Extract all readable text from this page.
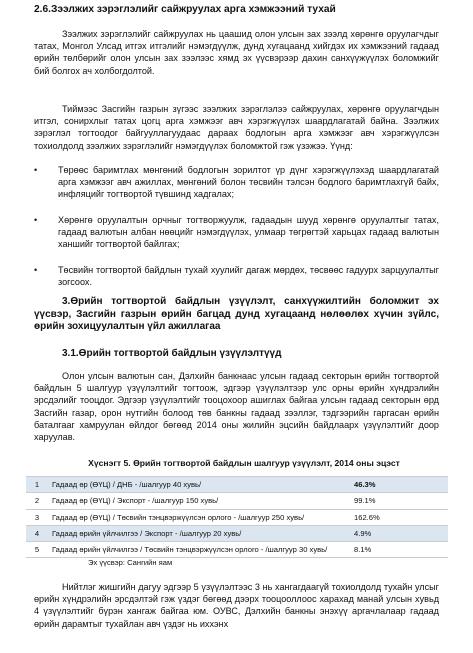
2.6.Зээлжих зэрэглэлийг сайжруулах арга хэмжээний тухай
Зээлжих зэрэглэлийг сайжруулах нь цаашид олон улсын зах зээлд хөрөнгө оруулагчдыг татах, Монгол Улсад итгэх итгэлийг нэмэгдүүлж, дунд хугацаанд хийгдэх их хэмжээний гадаад өрийн төлбөрийг олон улсын зах зээлээс хямд эх үүсвэрээр дахин санхүүжүүлэх боломжийг бий болгох ач холбогдолтой.
Тиймээс Засгийн газрын зүгээс зээлжих зэрэглэлээ сайжруулах, хөрөнгө оруулагчдын итгэл, сонирхлыг татах цогц арга хэмжээг авч хэрэгжүүлэх шаардлагатай байна. Зээлжих зэрэглэл тогтоодог байгууллагуудаас дараах бодлогын арга хэмжээг авч хэрэгжүүлсэн тохиолдолд зээлжих зэрэглэлийг нэмэгдүүлэх боломжтой гэж үзэжээ. Үүнд:
• Төрөөс баримтлах мөнгөний бодлогын зорилтот үр дүнг хэрэгжүүлэхэд шаардлагатай арга хэмжээг авч ажиллах, мөнгөний болон төсвийн тэлсэн бодлого баримтлахгүй байх, инфляцийг тогтвортой түвшинд хадгалах;
• Хөрөнгө оруулалтын орчныг тогтворжуулж, гадаадын шууд хөрөнгө оруулалтыг татах, гадаад валютын албан нөөцийг нэмэгдүүлэх, улмаар төгрөгтэй харьцах гадаад валютын ханшийг тогтвортой байлгах;
• Төсвийн тогтвортой байдлын тухай хуулийг дагаж мөрдөх, төсвөөс гадуурх зарцуулалтыг зогсоох.
3.Өрийн тогтвортой байдлын үзүүлэлт, санхүүжилтийн боломжит эх үүсвэр, Засгийн газрын өрийн багцад дунд хугацаанд нөлөөлөх хүчин зүйлс, өрийн зохицуулалтын үйл ажиллагаа
3.1.Өрийн тогтвортой байдлын үзүүлэлтүүд
Олон улсын валютын сан, Дэлхийн банкнаас улсын гадаад секторын өрийн тогтвортой байдлын 5 шалгуур үзүүлэлтийг тогтоож, эдгээр үзүүлэлтээр улс орны өрийн хүндрэлийн эрсдэлийг тооцдог. Эдгээр үзүүлэлтийг тооцохоор ашиглах байгаа улсын гадаад секторын өрд Засгийн газар, орон нутгийн болоод төв банкны гадаад зээллэг, тэдгээрийн гаргасан өрийн баталгааг хамруулан өйлдог бөгөөд 2014 оны жилийн эцсийн байдлаарх үзүүлэлтийг доор харуулав.
Хүснэгт 5. Өрийн тогтвортой байдлын шалгуур үзүүлэлт, 2014 оны эцэст
1	Гадаад өр (ӨҮЦ) / ДНБ - /шалгуур 40 хувь/	46.3%
2	Гадаад өр (ӨҮЦ) / Экспорт - /шалгуур 150 хувь/	99.1%
3	Гадаад өр (ӨҮЦ) / Төсвийн тэнцвэржүүлсэн орлого - /шалгуур 250 хувь/	162.6%
4	Гадаад өрийн үйлчилгээ / Экспорт - /шалгуур 20 хувь/	4.9%
5	Гадаад өрийн үйлчилгээ / Төсвийн тэнцвэржүүлсэн орлого - /шалгуур 30 хувь/	8.1%
Эх үүсвэр: Сангийн яам
Нийтлэг жишгийн дагуу эдгээр 5 үзүүлэлтээс 3 нь хангагдаагүй тохиолдолд тухайн улсыг өрийн хүндрэлийн эрсдэлтэй гэж үздэг бөгөөд дээрх тооцооллоос харахад манай улсын хувьд 4 үзүүлэлтийг бүрэн хангаж байгаа юм. ОУВС, Дэлхийн банкны энэхүү аргачлалаар гадаад өрийн дарамтыг тухайлан авч үздэг нь иххэнх
